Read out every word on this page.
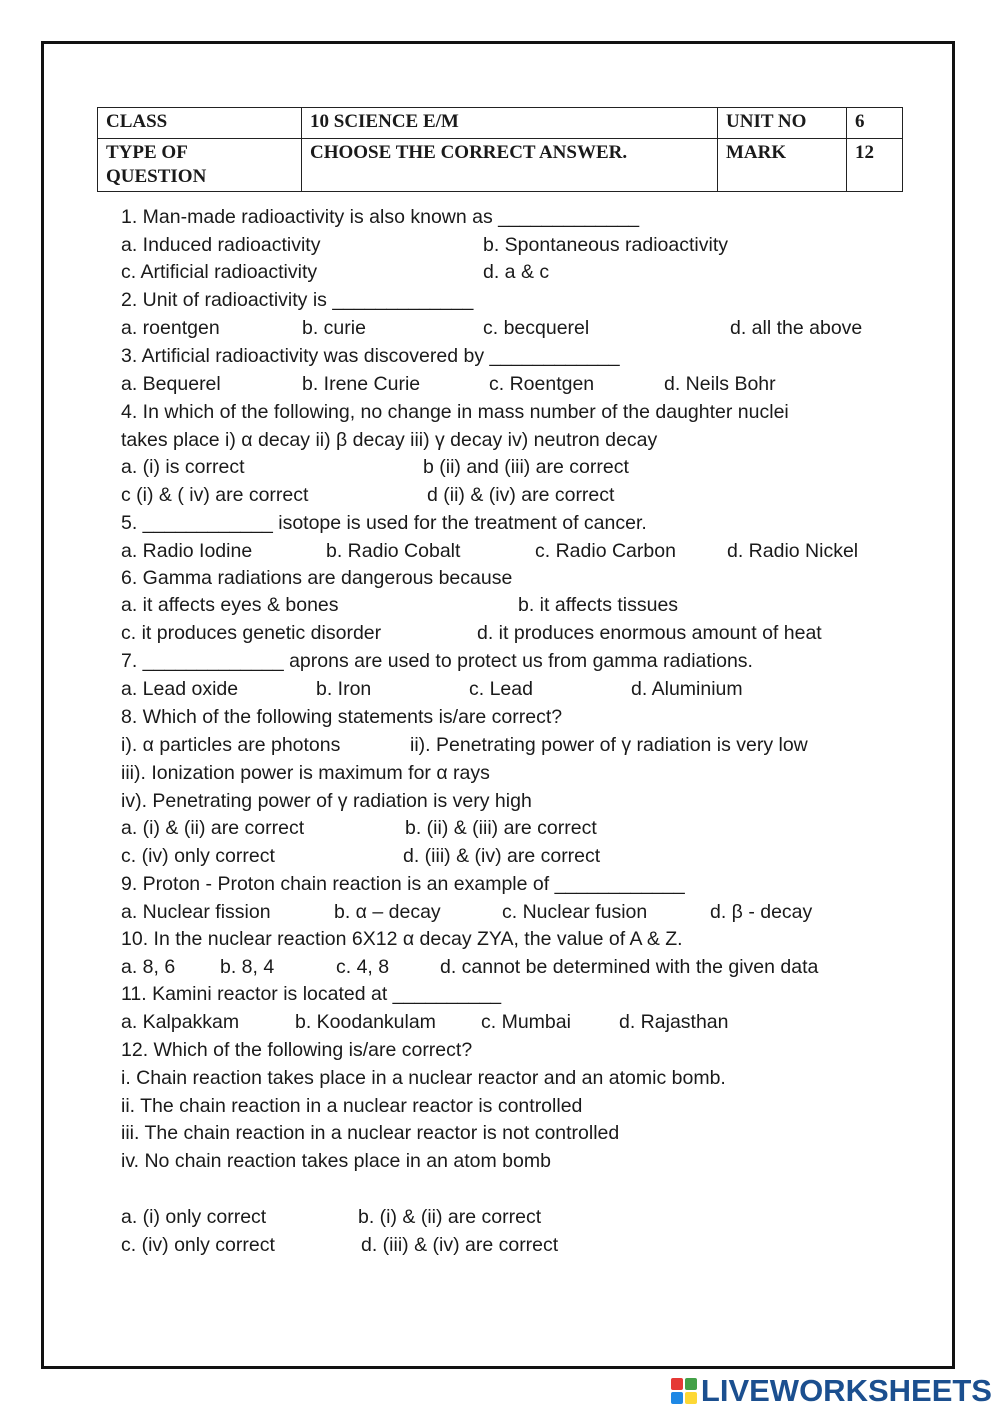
CLASS	10 SCIENCE E/M	UNIT NO	6
TYPE OF
QUESTION	CHOOSE THE CORRECT ANSWER.	MARK	12
1. Man-made radioactivity is also known as _____________
a. Induced radioactivity	b. Spontaneous radioactivity
c. Artificial radioactivity	d. a & c
2. Unit of radioactivity is _____________
a. roentgen	b. curie	c. becquerel	d. all the above
3. Artificial radioactivity was discovered by ____________
a. Bequerel	b. Irene Curie	c. Roentgen	d. Neils Bohr
4. In which of the following, no change in mass number of the daughter nuclei
takes place i) α decay ii) β decay iii) γ decay iv) neutron decay
a. (i) is correct	b (ii) and (iii) are correct
c (i) & ( iv) are correct	d (ii) & (iv) are correct
5. ____________ isotope is used for the treatment of cancer.
a. Radio Iodine	b. Radio Cobalt	c. Radio Carbon	d. Radio Nickel
6. Gamma radiations are dangerous because
a. it affects eyes & bones	b. it affects tissues
c. it produces genetic disorder	d. it produces enormous amount of heat
7. _____________ aprons are used to protect us from gamma radiations.
a. Lead oxide	b. Iron	c. Lead	d. Aluminium
8. Which of the following statements is/are correct?
i). α particles are photons	ii). Penetrating power of γ radiation is very low
iii). Ionization power is maximum for α rays
iv). Penetrating power of γ radiation is very high
a. (i) & (ii) are correct	b. (ii) & (iii) are correct
c. (iv) only correct	d. (iii) & (iv) are correct
9. Proton - Proton chain reaction is an example of ____________
a. Nuclear fission	b. α – decay	c. Nuclear fusion	d. β - decay
10. In the nuclear reaction 6X12 α decay ZYA, the value of A & Z.
a. 8, 6 b. 8, 4	c. 4, 8	d. cannot be determined with the given data
11. Kamini reactor is located at __________
a. Kalpakkam	b. Koodankulam c. Mumbai d. Rajasthan
12. Which of the following is/are correct?
i. Chain reaction takes place in a nuclear reactor and an atomic bomb.
ii. The chain reaction in a nuclear reactor is controlled
iii. The chain reaction in a nuclear reactor is not controlled
iv. No chain reaction takes place in an atom bomb
a. (i) only correct	b. (i) & (ii) are correct
c. (iv) only correct	d. (iii) & (iv) are correct
LIVEWORKSHEETS
